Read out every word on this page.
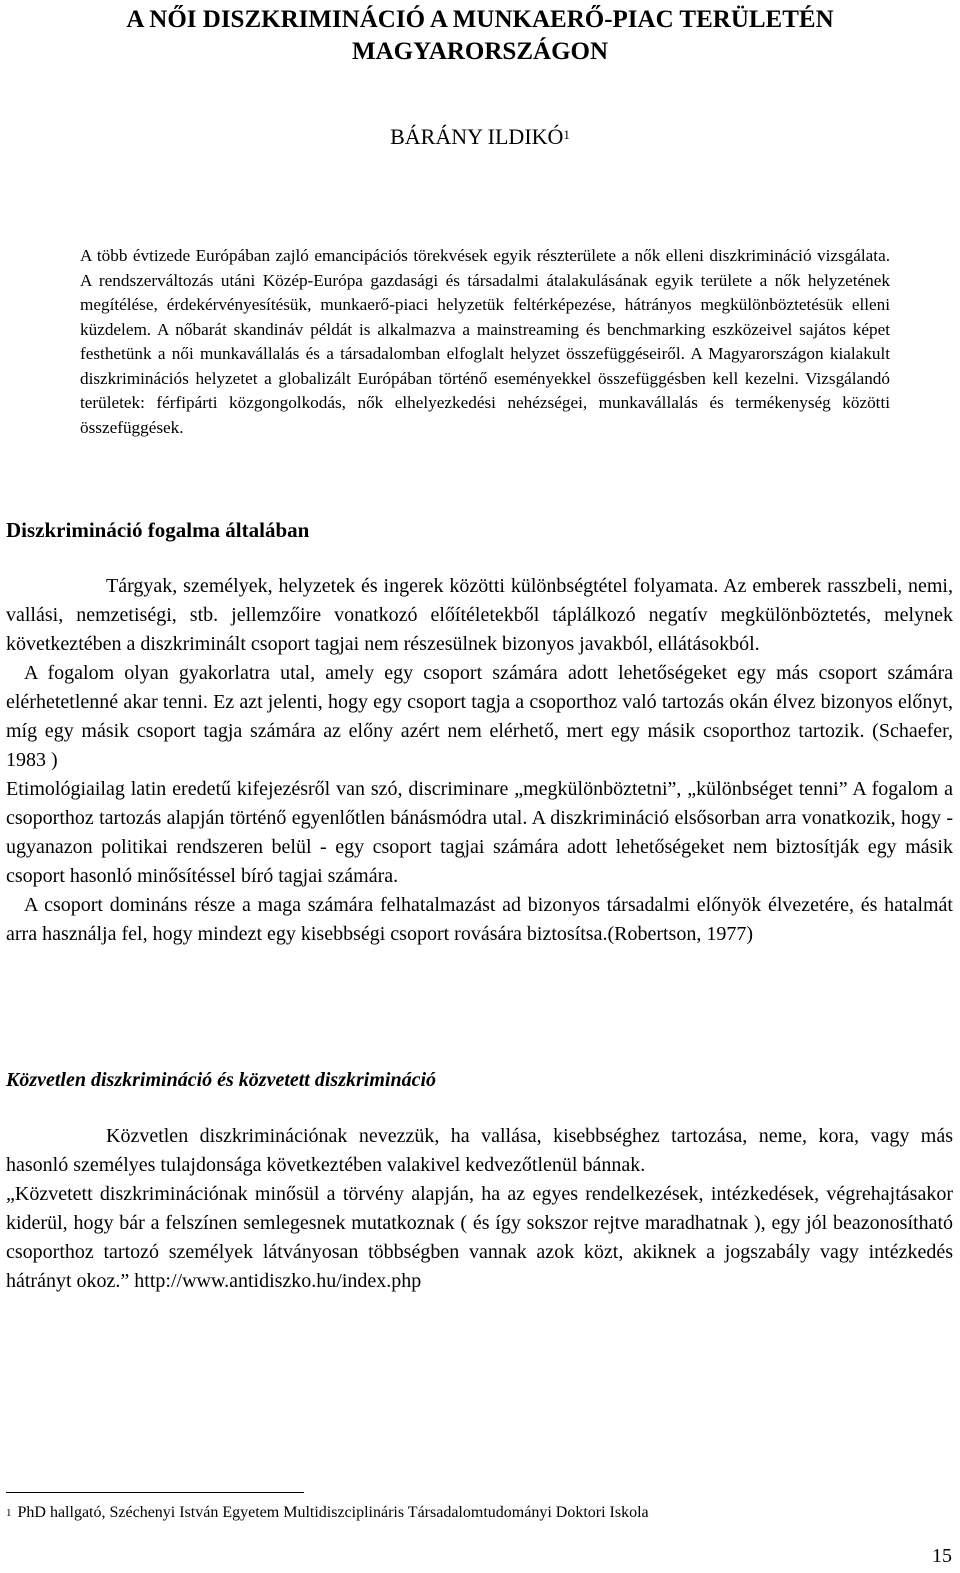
A NŐI DISZKRIMINÁCIÓ A MUNKAERŐ-PIAC TERÜLETÉN
MAGYARORSZÁGON
BÁRÁNY ILDIKÓ$^1$

A több évtizede Európában zajló emancipációs törekvések egyik részterülete a nők elleni diszkrimináció vizsgálata. A rendszerváltozás utáni Közép-Európa gazdasági és társadalmi átalakulásának egyik területe a nők helyzetének megítélése, érdekérvényesítésük, munkaerő-piaci helyzetük feltérképezése, hátrányos megkülönböztetésük elleni küzdelem. A nőbarát skandináv példát is alkalmazva a mainstreaming és benchmarking eszközeivel sajátos képet festhetünk a női munkavállalás és a társadalomban elfoglalt helyzet összefüggéseiről. A Magyarországon kialakult diszkriminációs helyzetet a globalizált Európában történő eseményekkel összefüggésben kell kezelni. Vizsgálandó területek: férfipárti közgongolkodás, nők elhelyezkedési nehézségei, munkavállalás és termékenység közötti összefüggések.

Diszkrimináció fogalma általában

Tárgyak, személyek, helyzetek és ingerek közötti különbségtétel folyamata. Az emberek rasszbeli, nemi, vallási, nemzetiségi, stb. jellemzőire vonatkozó előítéletekből táplálkozó negatív megkülönböztetés, melynek következtében a diszkriminált csoport tagjai nem részesülnek bizonyos javakból, ellátásokból.

A fogalom olyan gyakorlatra utal, amely egy csoport számára adott lehetőségeket egy más csoport számára elérhetetlenné akar tenni. Ez azt jelenti, hogy egy csoport tagja a csoporthoz való tartozás okán élvez bizonyos előnyt, míg egy másik csoport tagja számára az előny azért nem elérhető, mert egy másik csoporthoz tartozik. (Schaefer, 1983 )

Etimológiailag latin eredetű kifejezésről van szó, discriminare „megkülönböztetni”, „különbséget tenni” A fogalom a csoporthoz tartozás alapján történő egyenlőtlen bánásmódra utal. A diszkrimináció elsősorban arra vonatkozik, hogy - ugyanazon politikai rendszeren belül - egy csoport tagjai számára adott lehetőségeket nem biztosítják egy másik csoport hasonló minősítéssel bíró tagjai számára.

A csoport domináns része a maga számára felhatalmazást ad bizonyos társadalmi előnyök élvezetére, és hatalmát arra használja fel, hogy mindezt egy kisebbségi csoport rovására biztosítsa.(Robertson, 1977)

Közvetlen diszkrimináció és közvetett diszkrimináció

Közvetlen diszkriminációnak nevezzük, ha vallása, kisebbséghez tartozása, neme, kora, vagy más hasonló személyes tulajdonsága következtében valakivel kedvezőtlenül bánnak.

„Közvetett diszkriminációnak minősül a törvény alapján, ha az egyes rendelkezések, intézkedések, végrehajtásakor kiderül, hogy bár a felszínen semlegesnek mutatkoznak ( és így sokszor rejtve maradhatnak ), egy jól beazonosítható csoporthoz tartozó személyek látványosan többségben vannak azok közt, akiknek a jogszabály vagy intézkedés hátrányt okoz.” http://www.antidiszko.hu/index.php

$^1$ PhD hallgató, Széchenyi István Egyetem Multidiszciplináris Társadalomtudományi Doktori Iskola
15
